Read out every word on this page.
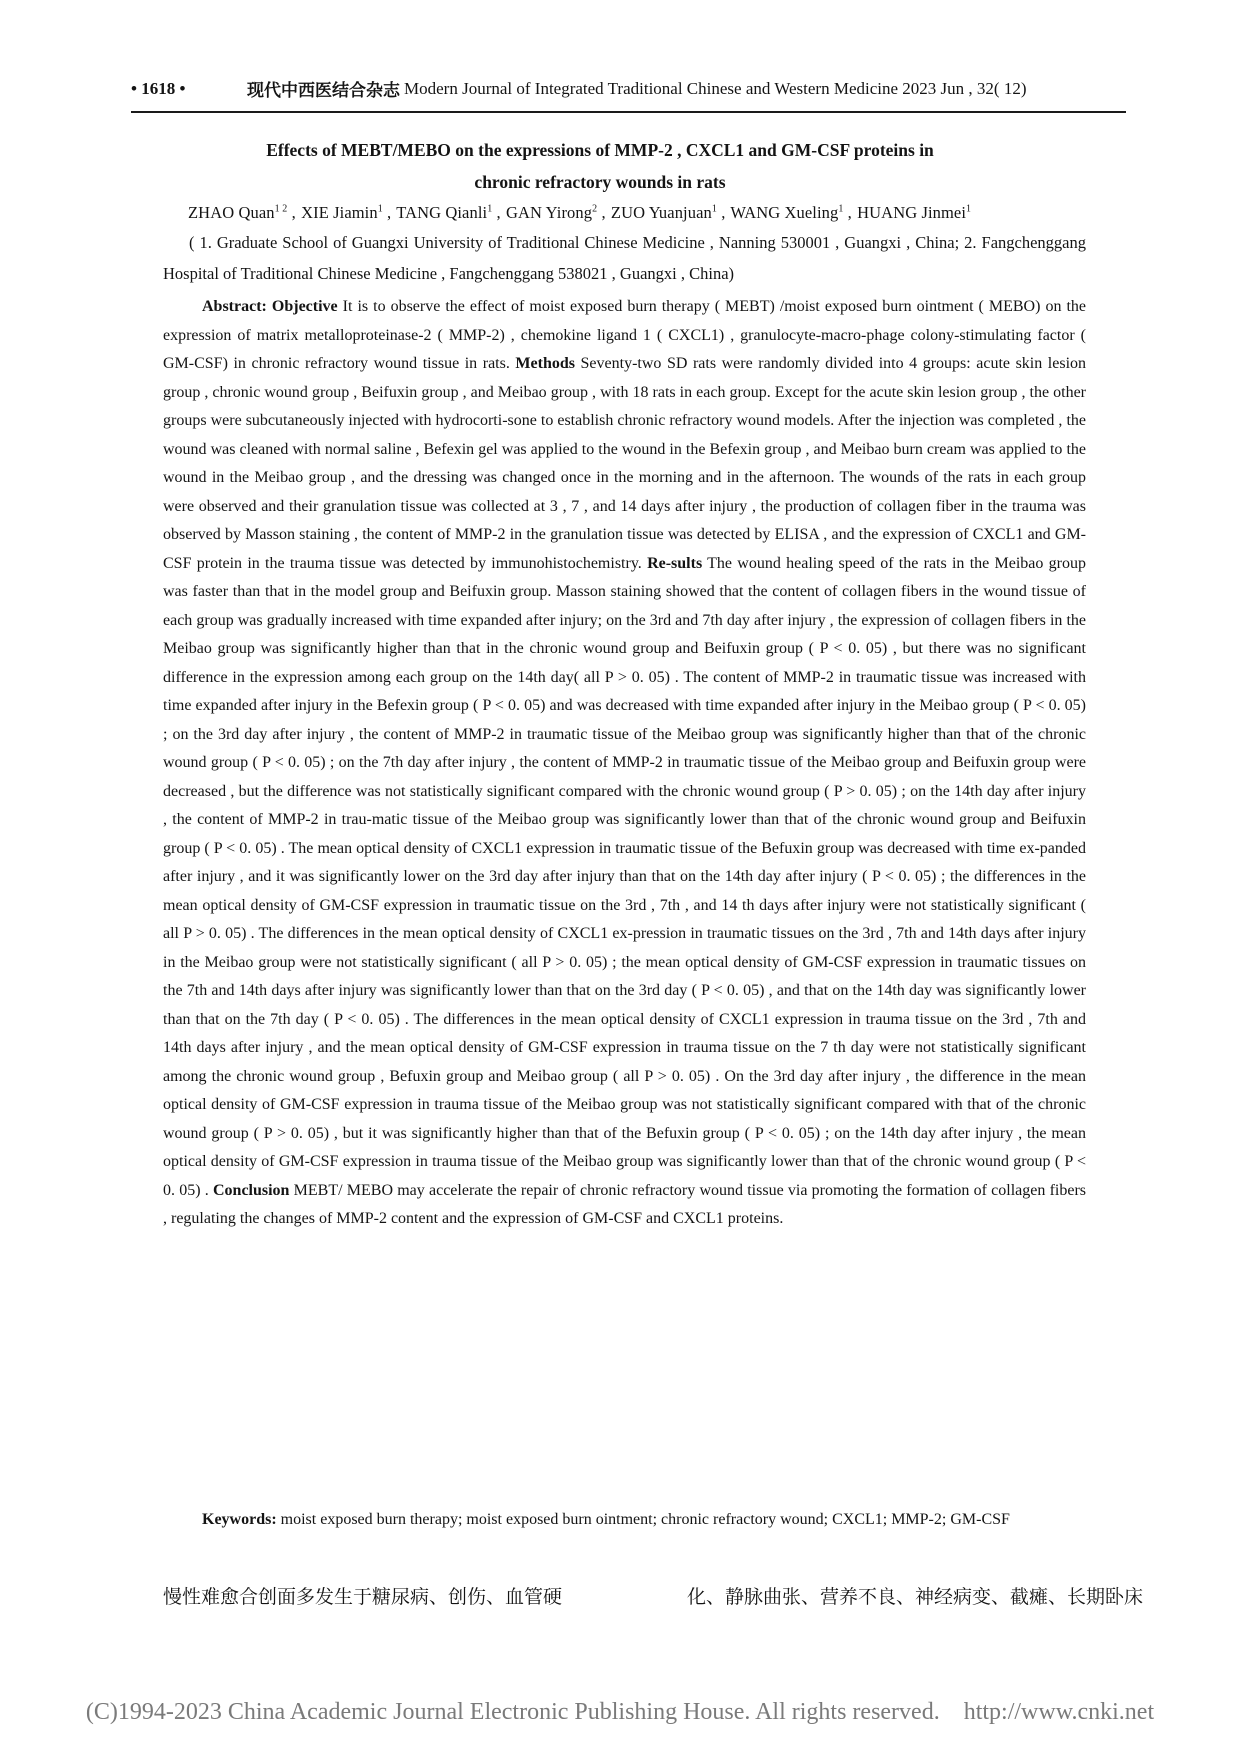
• 1618 •	现代中西医结合杂志 Modern Journal of Integrated Traditional Chinese and Western Medicine 2023 Jun , 32( 12)
Effects of MEBT/MEBO on the expressions of MMP-2 , CXCL1 and GM-CSF proteins in
chronic refractory wounds in rats
ZHAO Quan$^{1 2}$ , XIE Jiamin$^1$ , TANG Qianli$^1$ , GAN Yirong$^2$ , ZUO Yuanjuan$^1$ , WANG Xueling$^1$ , HUANG Jinmei$^1$
( 1. Graduate School of Guangxi University of Traditional Chinese Medicine , Nanning 530001 , Guangxi , China; 2. Fangchenggang Hospital of Traditional Chinese Medicine , Fangchenggang 538021 , Guangxi , China)
Abstract: Objective It is to observe the effect of moist exposed burn therapy ( MEBT) /moist exposed burn ointment ( MEBO) on the expression of matrix metalloproteinase-2 ( MMP-2) , chemokine ligand 1 ( CXCL1) , granulocyte-macro-phage colony-stimulating factor ( GM-CSF) in chronic refractory wound tissue in rats. Methods Seventy-two SD rats were randomly divided into 4 groups: acute skin lesion group , chronic wound group , Beifuxin group , and Meibao group , with 18 rats in each group. Except for the acute skin lesion group , the other groups were subcutaneously injected with hydrocorti-sone to establish chronic refractory wound models. After the injection was completed , the wound was cleaned with normal saline , Befexin gel was applied to the wound in the Befexin group , and Meibao burn cream was applied to the wound in the Meibao group , and the dressing was changed once in the morning and in the afternoon. The wounds of the rats in each group were observed and their granulation tissue was collected at 3 , 7 , and 14 days after injury , the production of collagen fiber in the trauma was observed by Masson staining , the content of MMP-2 in the granulation tissue was detected by ELISA , and the expression of CXCL1 and GM-CSF protein in the trauma tissue was detected by immunohistochemistry. Re-sults The wound healing speed of the rats in the Meibao group was faster than that in the model group and Beifuxin group. Masson staining showed that the content of collagen fibers in the wound tissue of each group was gradually increased with time expanded after injury; on the 3rd and 7th day after injury , the expression of collagen fibers in the Meibao group was significantly higher than that in the chronic wound group and Beifuxin group ( P < 0. 05) , but there was no significant difference in the expression among each group on the 14th day( all P > 0. 05) . The content of MMP-2 in traumatic tissue was increased with time expanded after injury in the Befexin group ( P < 0. 05) and was decreased with time expanded after injury in the Meibao group ( P < 0. 05) ; on the 3rd day after injury , the content of MMP-2 in traumatic tissue of the Meibao group was significantly higher than that of the chronic wound group ( P < 0. 05) ; on the 7th day after injury , the content of MMP-2 in traumatic tissue of the Meibao group and Beifuxin group were decreased , but the difference was not statistically significant compared with the chronic wound group ( P > 0. 05) ; on the 14th day after injury , the content of MMP-2 in trau-matic tissue of the Meibao group was significantly lower than that of the chronic wound group and Beifuxin group ( P < 0. 05) . The mean optical density of CXCL1 expression in traumatic tissue of the Befuxin group was decreased with time ex-panded after injury , and it was significantly lower on the 3rd day after injury than that on the 14th day after injury ( P < 0. 05) ; the differences in the mean optical density of GM-CSF expression in traumatic tissue on the 3rd , 7th , and 14 th days after injury were not statistically significant ( all P > 0. 05) . The differences in the mean optical density of CXCL1 ex-pression in traumatic tissues on the 3rd , 7th and 14th days after injury in the Meibao group were not statistically significant ( all P > 0. 05) ; the mean optical density of GM-CSF expression in traumatic tissues on the 7th and 14th days after injury was significantly lower than that on the 3rd day ( P < 0. 05) , and that on the 14th day was significantly lower than that on the 7th day ( P < 0. 05) . The differences in the mean optical density of CXCL1 expression in trauma tissue on the 3rd , 7th and 14th days after injury , and the mean optical density of GM-CSF expression in trauma tissue on the 7 th day were not statistically significant among the chronic wound group , Befuxin group and Meibao group ( all P > 0. 05) . On the 3rd day after injury , the difference in the mean optical density of GM-CSF expression in trauma tissue of the Meibao group was not statistically significant compared with that of the chronic wound group ( P > 0. 05) , but it was significantly higher than that of the Befuxin group ( P < 0. 05) ; on the 14th day after injury , the mean optical density of GM-CSF expression in trauma tissue of the Meibao group was significantly lower than that of the chronic wound group ( P < 0. 05) . Conclusion MEBT/ MEBO may accelerate the repair of chronic refractory wound tissue via promoting the formation of collagen fibers , regulating the changes of MMP-2 content and the expression of GM-CSF and CXCL1 proteins.
Keywords: moist exposed burn therapy; moist exposed burn ointment; chronic refractory wound; CXCL1; MMP-2; GM-CSF
慢性难愈合创面多发生于糖尿病、创伤、血管硬	化、静脉曲张、营养不良、神经病变、截瘫、长期卧床
(C)1994-2023 China Academic Journal Electronic Publishing House. All rights reserved.    http://www.cnki.net
